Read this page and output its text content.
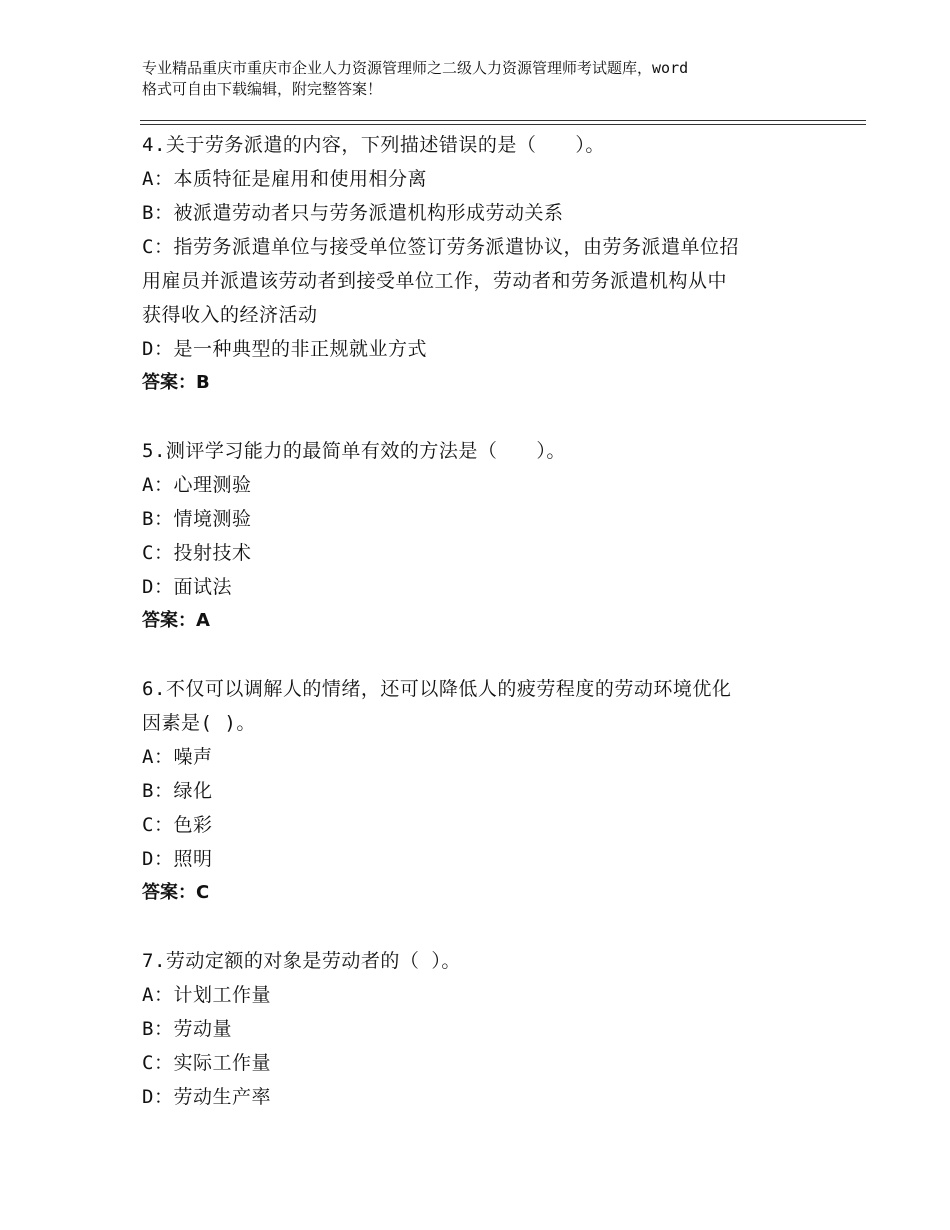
专业精品重庆市重庆市企业人力资源管理师之二级人力资源管理师考试题库，word
格式可自由下载编辑，附完整答案！
4.关于劳务派遣的内容，下列描述错误的是（　　）。
A：本质特征是雇用和使用相分离
B：被派遣劳动者只与劳务派遣机构形成劳动关系
C：指劳务派遣单位与接受单位签订劳务派遣协议，由劳务派遣单位招
用雇员并派遣该劳动者到接受单位工作，劳动者和劳务派遣机构从中
获得收入的经济活动
D：是一种典型的非正规就业方式
答案：B
5.测评学习能力的最简单有效的方法是（　　）。
A：心理测验
B：情境测验
C：投射技术
D：面试法
答案：A
6.不仅可以调解人的情绪，还可以降低人的疲劳程度的劳动环境优化
因素是( )。
A：噪声
B：绿化
C：色彩
D：照明
答案：C
7.劳动定额的对象是劳动者的（ ）。
A：计划工作量
B：劳动量
C：实际工作量
D：劳动生产率
